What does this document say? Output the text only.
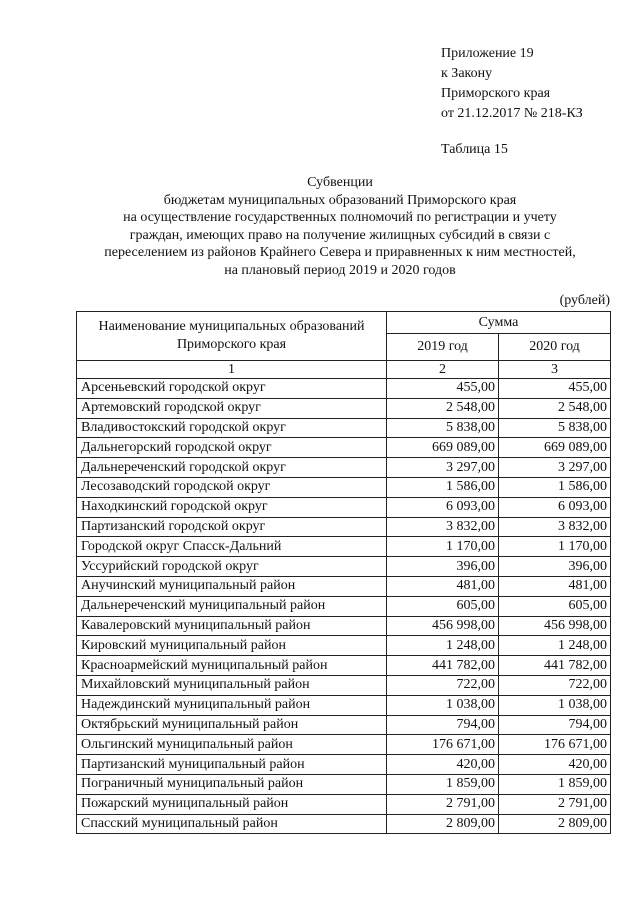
Приложение 19
к Закону
Приморского края
от 21.12.2017 № 218-КЗ
Таблица 15
Субвенции
бюджетам муниципальных образований Приморского края
на осуществление государственных полномочий по регистрации и учету
граждан, имеющих право на получение жилищных субсидий в связи с
переселением из районов Крайнего Севера и приравненных к ним местностей,
на плановый период 2019 и 2020 годов
(рублей)
Наименование муниципальных образований
Приморского края	Сумма	
	2019 год	2020 год
1	2	3
Арсеньевский городской округ	455,00	455,00
Артемовский городской округ	2 548,00	2 548,00
Владивостокский городской округ	5 838,00	5 838,00
Дальнегорский городской округ	669 089,00	669 089,00
Дальнереченский городской округ	3 297,00	3 297,00
Лесозаводский городской округ	1 586,00	1 586,00
Находкинский городской округ	6 093,00	6 093,00
Партизанский городской округ	3 832,00	3 832,00
Городской округ Спасск-Дальний	1 170,00	1 170,00
Уссурийский городской округ	396,00	396,00
Анучинский муниципальный район	481,00	481,00
Дальнереченский муниципальный район	605,00	605,00
Кавалеровский муниципальный район	456 998,00	456 998,00
Кировский муниципальный район	1 248,00	1 248,00
Красноармейский муниципальный район	441 782,00	441 782,00
Михайловский муниципальный район	722,00	722,00
Надеждинский муниципальный район	1 038,00	1 038,00
Октябрьский муниципальный район	794,00	794,00
Ольгинский муниципальный район	176 671,00	176 671,00
Партизанский муниципальный район	420,00	420,00
Пограничный муниципальный район	1 859,00	1 859,00
Пожарский муниципальный район	2 791,00	2 791,00
Спасский муниципальный район	2 809,00	2 809,00
